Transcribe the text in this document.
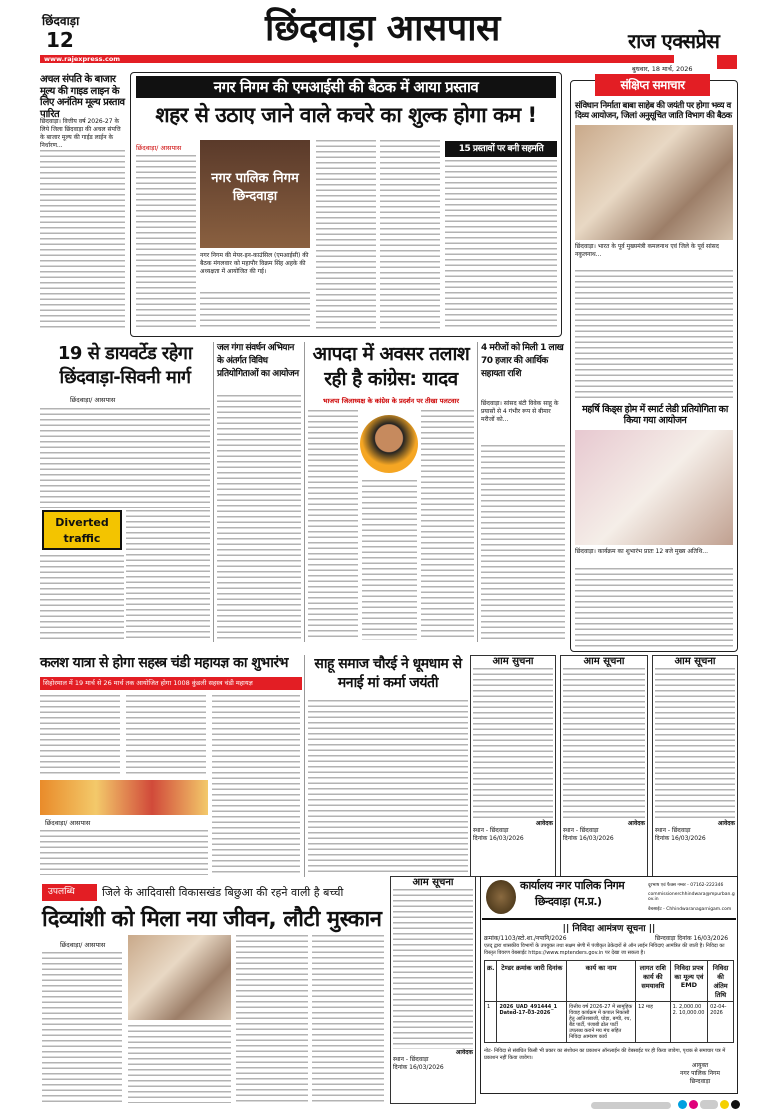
छिंदवाड़ा
12	छिंदवाड़ा आसपास	राज एक्सप्रेस
www.rajexpress.com
बुधवार, 18 मार्च, 2026
अचल संपति के बाजार मूल्य की गाइड लाइन के लिए अनंतिम मूल्य प्रस्ताव पारित
छिंदवाड़ा। वित्तीय वर्ष 2026-27 के लिये जिला छिंदवाड़ा की अचल संपत्ति के बाजार मूल्य की गाईड लाईन के निर्धारण...
नगर निगम की एमआईसी की बैठक में आया प्रस्ताव
शहर से उठाए जाने वाले कचरे का शुल्क होगा कम !
छिंदवाड़ा/ आसपास
नगर पालिक निगम छिन्दवाड़ा
नगर निगम की मेयर-इन-काउंसिल (एमआईसी) की बैठक मंगलवार को महापौर विक्रम सिंह अहके की अध्यक्षता में आयोजित की गई।
15 प्रस्तावों पर बनी सहमति
संक्षिप्त समाचार
संविधान निर्माता बाबा साहेब की जयंती पर होगा भव्य व दिव्य आयोजन, जिलां अनुसूचित जाति विभाग की बैठक
छिंदवाड़ा। भारत के पूर्व मुख्यमंत्री कमलनाथ एवं जिले के पूर्व सांसद नकुलनाथ...
महर्षि किड्स होम में स्मार्ट लेडी प्रतियोगिता का किया गया आयोजन
छिंदवाड़ा। कार्यक्रम का शुभारंभ प्रातः 12 बजे मुख्य अतिथि...
19 से डायवर्टेड रहेगा छिंदवाड़ा-सिवनी मार्ग
छिंदवाड़ा/ आसपास
Diverted traffic
जल गंगा संवर्धन अभियान के अंतर्गत विविध प्रतियोगिताओं का आयोजन
आपदा में अवसर तलाश रही है कांग्रेस: यादव
भाजपा जिलाध्यक्ष के कांग्रेस के प्रदर्शन पर तीखा पलटवार
4 मरीजों को मिली 1 लाख 70 हजार की आर्थिक सहायता राशि
छिंदवाड़ा। सांसद बंटी विवेक साहू के प्रयासों से 4 गंभीर रूप से बीमार मरीजों को...
कलश यात्रा से होगा सहस्त्र चंडी महायज्ञ का शुभारंभ
सिहोरमाल में 19 मार्च से 26 मार्च तक आयोजित होगा 1008 कुंडली सहस्त्र चंडी महायज्ञ
छिंदवाड़ा/ आसपास
साहू समाज चौरई ने धूमधाम से मनाई मां कर्मा जयंती
आम सुचना
आवेदक
स्थान - छिंदवाड़ा
दिनांक 16/03/2026
आम सूचना
आवेदक
स्थान - छिंदवाड़ा
दिनांक 16/03/2026
आम सूचना
आवेदक
स्थान - छिंदवाड़ा
दिनांक 16/03/2026
उपलब्धि	जिले के आदिवासी विकासखंड बिछुआ की रहने वाली है बच्ची
दिव्यांशी को मिला नया जीवन, लौटी मुस्कान
छिंदवाड़ा/ आसपास
आम सूचना
आवेदक
स्थान - छिंदवाड़ा
दिनांक 16/03/2026
कार्यालय नगर पालिक निगम
छिन्दवाड़ा (म.प्र.)
दूरभाष एवं फैक्स नम्बर - 07162-222346
commissionerchhindwara@mpurban.gov.in
वेबसाईट - Chhindwaranagarnigam.com
|| निविदा आमंत्रण सूचना ||
क्रमांक/1103/स्टो.शा./नपानि/2026	छिन्दवाड़ा दिनांक 16/03/2026
एतद् द्वारा शासकीय विभागों के उपयुक्त तथा सक्षम श्रेणी में पंजीकृत ठेकेदारों से ऑन लाईन निविदाएं आमंत्रित की जाती है। निविदा का विस्तृत विवरण वेबसाईट https://www.mptenders.gov.in पर देखा जा सकता है।
क्र.	टेण्डर क्रमांक जारी दिनांक	कार्य का नाम	लागत राशि कार्य की समयावधि	निविदा प्रपत्र का मूल्य एवं EMD	निविदा की अंतिम तिथि
1	2026_UAD_491444_1 Dated-17-03-2026	वित्तीय वर्ष 2026-27 में सामूहिक विवाह कार्यक्रम में कपाल निकासी हेतु आतिशबाजी, घोड़ा, बग्घी, रथ, बैंड पार्टी, पंजाबी ढोल पार्टी उपलब्ध कराने मय मंच सहित निविदा आमंत्रण कार्य	12 माह	1. 2,000.00 2. 10,000.00	02-04-2026
नोट- निविदा से संबंधित किसी भी प्रकार का संशोधन का प्रकाशन ऑनलाईन की वेबसाईट पर ही किया जावेगा, पृथक से समाचार पत्र में प्रकाशन नहीं किया जावेगा।
आयुक्त
नगर पालिक निगम
छिन्दवाड़ा
